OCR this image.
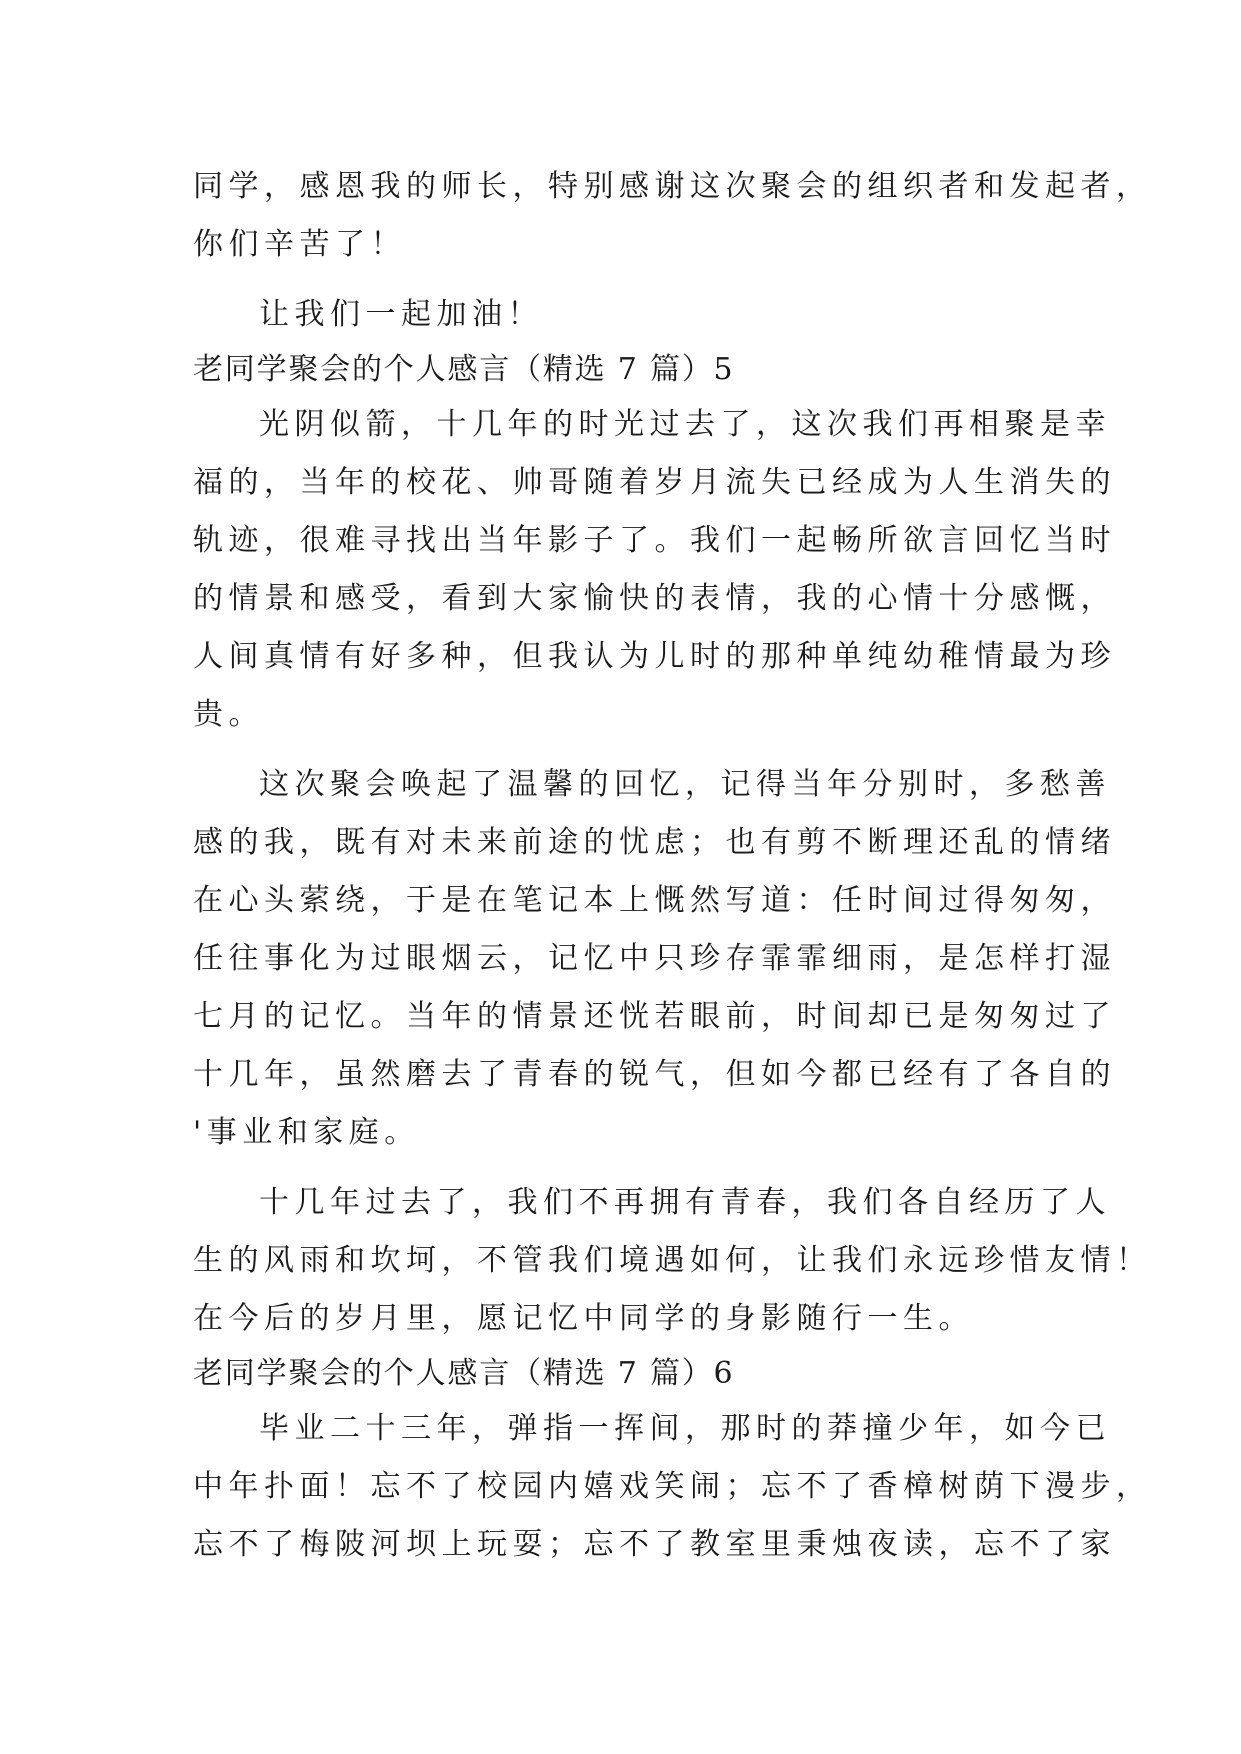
同学，感恩我的师长，特别感谢这次聚会的组织者和发起者，
你们辛苦了！
让我们一起加油！
老同学聚会的个人感言（精选 7 篇）5
光阴似箭，十几年的时光过去了，这次我们再相聚是幸
福的，当年的校花、帅哥随着岁月流失已经成为人生消失的
轨迹，很难寻找出当年影子了。我们一起畅所欲言回忆当时
的情景和感受，看到大家愉快的表情，我的心情十分感慨，
人间真情有好多种，但我认为儿时的那种单纯幼稚情最为珍
贵。
这次聚会唤起了温馨的回忆，记得当年分别时，多愁善
感的我，既有对未来前途的忧虑；也有剪不断理还乱的情绪
在心头萦绕，于是在笔记本上慨然写道：任时间过得匆匆，
任往事化为过眼烟云，记忆中只珍存霏霏细雨，是怎样打湿
七月的记忆。当年的情景还恍若眼前，时间却已是匆匆过了
十几年，虽然磨去了青春的锐气，但如今都已经有了各自的
'事业和家庭。
十几年过去了，我们不再拥有青春，我们各自经历了人
生的风雨和坎坷，不管我们境遇如何，让我们永远珍惜友情！
在今后的岁月里，愿记忆中同学的身影随行一生。
老同学聚会的个人感言（精选 7 篇）6
毕业二十三年，弹指一挥间，那时的莽撞少年，如今已
中年扑面！忘不了校园内嬉戏笑闹；忘不了香樟树荫下漫步，
忘不了梅陂河坝上玩耍；忘不了教室里秉烛夜读，忘不了家
